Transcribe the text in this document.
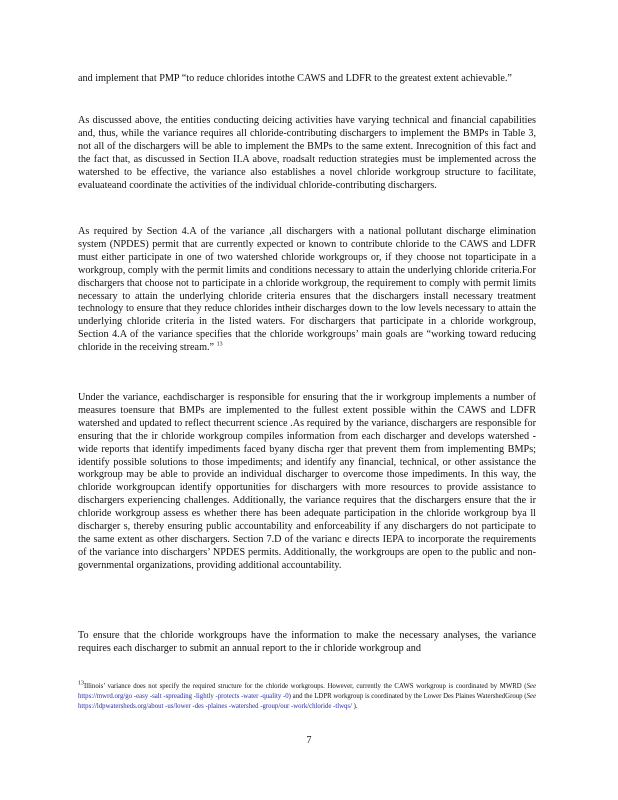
and implement that PMP “to reduce chlorides intothe CAWS and LDFR to the greatest extent achievable.”

As discussed above, the entities conducting deicing activities have varying technical and financial capabilities and, thus, while the variance requires all chloride-contributing dischargers to implement the BMPs in Table 3, not all of the dischargers will be able to implement the BMPs to the same extent. Inrecognition of this fact and the fact that, as discussed in Section II.A above, roadsalt reduction strategies must be implemented across the watershed to be effective, the variance also establishes a novel chloride workgroup structure to facilitate, evaluateand coordinate the activities of the individual chloride-contributing dischargers.

As required by Section 4.A of the variance ,all dischargers with a national pollutant discharge elimination system (NPDES) permit that are currently expected or known to contribute chloride to the CAWS and LDFR must either participate in one of two watershed chloride workgroups or, if they choose not toparticipate in a workgroup, comply with the permit limits and conditions necessary to attain the underlying chloride criteria.For dischargers that choose not to participate in a chloride workgroup, the requirement to comply with permit limits necessary to attain the underlying chloride criteria ensures that the dischargers install necessary treatment technology to ensure that they reduce chlorides intheir discharges down to the low levels necessary to attain the underlying chloride criteria in the listed waters. For dischargers that participate in a chloride workgroup, Section 4.A of the variance specifies that the chloride workgroups’ main goals are “working toward reducing chloride in the receiving stream.” $^{13}$

Under the variance, eachdischarger is responsible for ensuring that the ir workgroup implements a number of measures toensure that BMPs are implemented to the fullest extent possible within the CAWS and LDFR watershed and updated to reflect thecurrent science .As required by the variance, dischargers are responsible for ensuring that the ir chloride workgroup compiles information from each discharger and develops watershed -wide reports that identify impediments faced byany discha rger that prevent them from implementing BMPs; identify possible solutions to those impediments; and identify any financial, technical, or other assistance the workgroup may be able to provide an individual discharger to overcome those impediments. In this way, the chloride workgroupcan identify opportunities for dischargers with more resources to provide assistance to dischargers experiencing challenges. Additionally, the variance requires that the dischargers ensure that the ir chloride workgroup assess es whether there has been adequate participation in the chloride workgroup bya ll discharger s, thereby ensuring public accountability and enforceability if any dischargers do not participate to the same extent as other dischargers. Section 7.D of the varianc e directs IEPA to incorporate the requirements of the variance into dischargers’ NPDES permits. Additionally, the workgroups are open to the public and non-governmental organizations, providing additional accountability.

To ensure that the chloride workgroups have the information to make the necessary analyses, the variance requires each discharger to submit an annual report to the ir chloride workgroup and

$^{13}$Illinois’ variance does not specify the required structure for the chloride workgroups. However, currently the CAWS workgroup is coordinated by MWRD (See https://mwrd.org/go -easy -salt -spreading -lightly -protects -water -quality -0) and the LDPR workgroup is coordinated by the Lower Des Plaines WatershedGroup (See https://ldpwatersheds.org/about -us/lower -des -plaines -watershed -group/our -work/chloride -tlwqs/ ).

7
